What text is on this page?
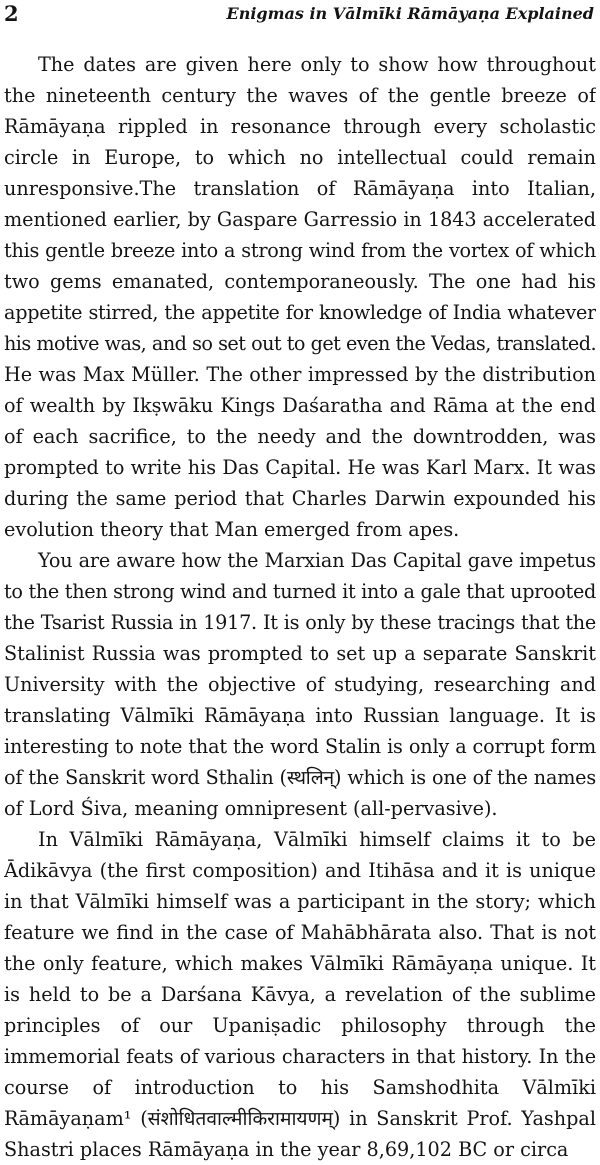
2	Enigmas in Vālmīki Rāmāyaṇa Explained
The dates are given here only to show how throughout
the nineteenth century the waves of the gentle breeze of
Rāmāyaṇa rippled in resonance through every scholastic
circle in Europe, to which no intellectual could remain
unresponsive.The translation of Rāmāyaṇa into Italian,
mentioned earlier, by Gaspare Garressio in 1843 accelerated
this gentle breeze into a strong wind from the vortex of which
two gems emanated, contemporaneously. The one had his
appetite stirred, the appetite for knowledge of India whatever
his motive was, and so set out to get even the Vedas, translated.
He was Max Müller. The other impressed by the distribution
of wealth by Ikṣwāku Kings Daśaratha and Rāma at the end
of each sacrifice, to the needy and the downtrodden, was
prompted to write his Das Capital. He was Karl Marx. It was
during the same period that Charles Darwin expounded his
evolution theory that Man emerged from apes.
You are aware how the Marxian Das Capital gave impetus
to the then strong wind and turned it into a gale that uprooted
the Tsarist Russia in 1917. It is only by these tracings that the
Stalinist Russia was prompted to set up a separate Sanskrit
University with the objective of studying, researching and
translating Vālmīki Rāmāyaṇa into Russian language. It is
interesting to note that the word Stalin is only a corrupt form
of the Sanskrit word Sthalin (स्थलिन्) which is one of the names
of Lord Śiva, meaning omnipresent (all-pervasive).
In Vālmīki Rāmāyaṇa, Vālmīki himself claims it to be
Ādikāvya (the first composition) and Itihāsa and it is unique
in that Vālmīki himself was a participant in the story; which
feature we find in the case of Mahābhārata also. That is not
the only feature, which makes Vālmīki Rāmāyaṇa unique. It
is held to be a Darśana Kāvya, a revelation of the sublime
principles of our Upaniṣadic philosophy through the
immemorial feats of various characters in that history. In the
course of introduction to his Samshodhita Vālmīki
Rāmāyaṇam¹ (संशोधितवाल्मीकिरामायणम्) in Sanskrit Prof. Yashpal
Shastri places Rāmāyaṇa in the year 8,69,102 BC or circa
